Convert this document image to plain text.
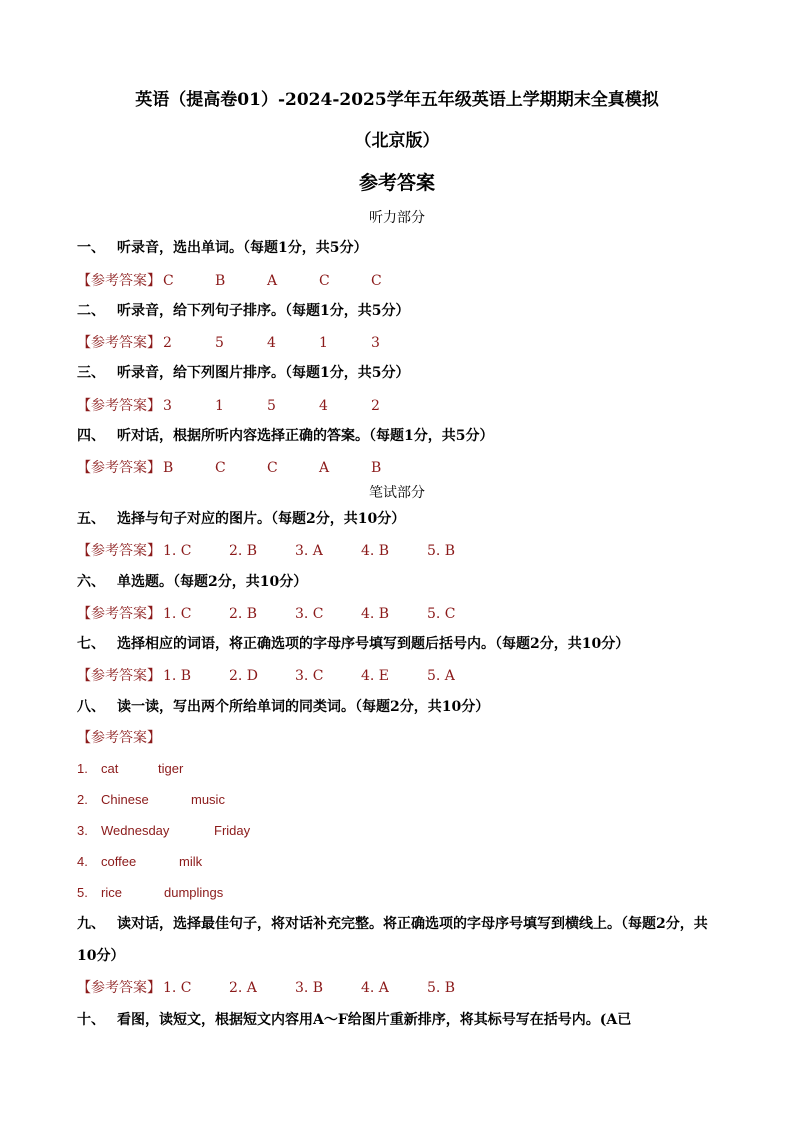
英语（提高卷01）-2024-2025学年五年级英语上学期期末全真模拟
（北京版）
参考答案
听力部分
一、 听录音，选出单词。（每题1分，共5分）
【参考答案】 C	B	A	C	C
二、 听录音，给下列句子排序。（每题1分，共5分）
【参考答案】 2	5	4	1	3
三、 听录音，给下列图片排序。（每题1分，共5分）
【参考答案】 3	1	5	4	2
四、 听对话，根据所听内容选择正确的答案。（每题1分，共5分）
【参考答案】 B	C	C	A	B
笔试部分
五、 选择与句子对应的图片。（每题2分，共10分）
【参考答案】 1. C	2. B	3. A	4. B	5. B
六、 单选题。（每题2分，共10分）
【参考答案】 1. C	2. B	3. C	4. B	5. C
七、 选择相应的词语，将正确选项的字母序号填写到题后括号内。（每题2分，共10分）
【参考答案】 1. B	2. D	3. C	4. E	5. A
八、 读一读，写出两个所给单词的同类词。（每题2分，共10分）
【参考答案】
1. cat	tiger
2. Chinese	music
3. Wednesday	Friday
4. coffee	milk
5. rice	dumplings
九、 读对话，选择最佳句子，将对话补充完整。将正确选项的字母序号填写到横线上。（每题2分，共10分）
【参考答案】 1. C	2. A	3. B	4. A	5. B
十、 看图，读短文，根据短文内容用A～F给图片重新排序，将其标号写在括号内。(A已
